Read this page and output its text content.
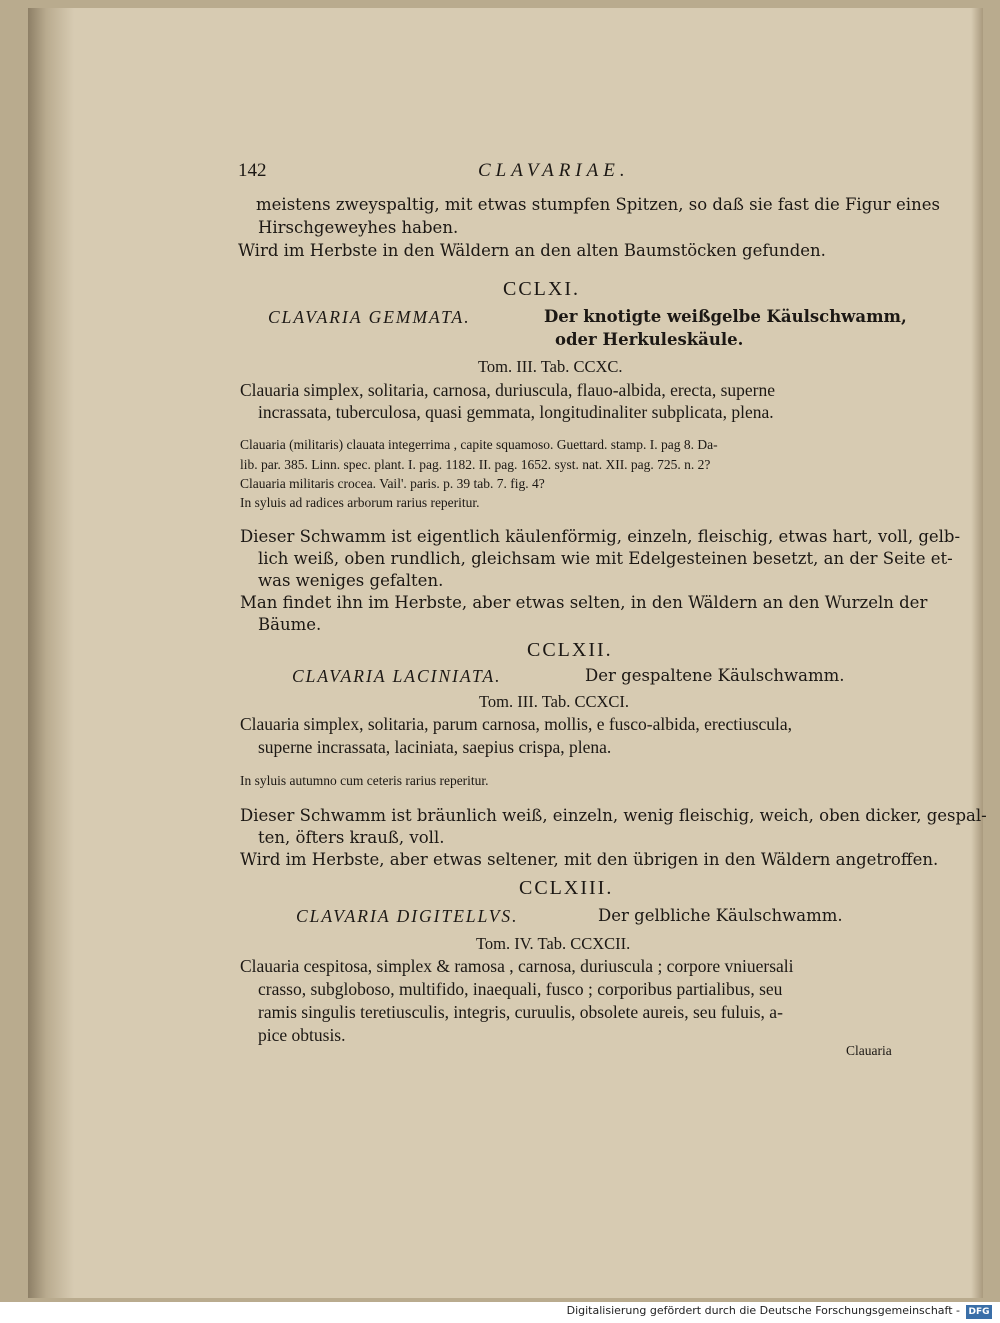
142	CLAVARIAE.
meistens zweyspaltig, mit etwas stumpfen Spitzen, so daß sie fast die Figur eines
Hirschgeweyhes haben.
Wird im Herbste in den Wäldern an den alten Baumstöcken gefunden.
CCLXI.
CLAVARIA GEMMATA.	Der knotigte weißgelbe Käulschwamm,
oder Herkuleskäule.
Tom. III. Tab. CCXC.
Clauaria simplex, solitaria, carnosa, duriuscula, flauo-albida, erecta, superne
incrassata, tuberculosa, quasi gemmata, longitudinaliter subplicata, plena.
Clauaria (militaris) clauata integerrima , capite squamoso. Guettard. stamp. I. pag 8. Da-
lib. par. 385. Linn. spec. plant. I. pag. 1182. II. pag. 1652. syst. nat. XII. pag. 725. n. 2?
Clauaria militaris crocea. Vail'. paris. p. 39 tab. 7. fig. 4?
In syluis ad radices arborum rarius reperitur.
Dieser Schwamm ist eigentlich käulenförmig, einzeln, fleischig, etwas hart, voll, gelb-
lich weiß, oben rundlich, gleichsam wie mit Edelgesteinen besetzt, an der Seite et-
was weniges gefalten.
Man findet ihn im Herbste, aber etwas selten, in den Wäldern an den Wurzeln der
Bäume.
CCLXII.
CLAVARIA LACINIATA.	Der gespaltene Käulschwamm.
Tom. III. Tab. CCXCI.
Clauaria simplex, solitaria, parum carnosa, mollis, e fusco-albida, erectiuscula,
superne incrassata, laciniata, saepius crispa, plena.
In syluis autumno cum ceteris rarius reperitur.
Dieser Schwamm ist bräunlich weiß, einzeln, wenig fleischig, weich, oben dicker, gespal-
ten, öfters krauß, voll.
Wird im Herbste, aber etwas seltener, mit den übrigen in den Wäldern angetroffen.
CCLXIII.
CLAVARIA DIGITELLVS.	Der gelbliche Käulschwamm.
Tom. IV. Tab. CCXCII.
Clauaria cespitosa, simplex & ramosa , carnosa, duriuscula ; corpore vniuersali
crasso, subgloboso, multifido, inaequali, fusco ; corporibus partialibus, seu
ramis singulis teretiusculis, integris, curuulis, obsolete aureis, seu fuluis, a-
pice obtusis.
Clauaria
Digitalisierung gefördert durch die Deutsche Forschungsgemeinschaft - DFG
